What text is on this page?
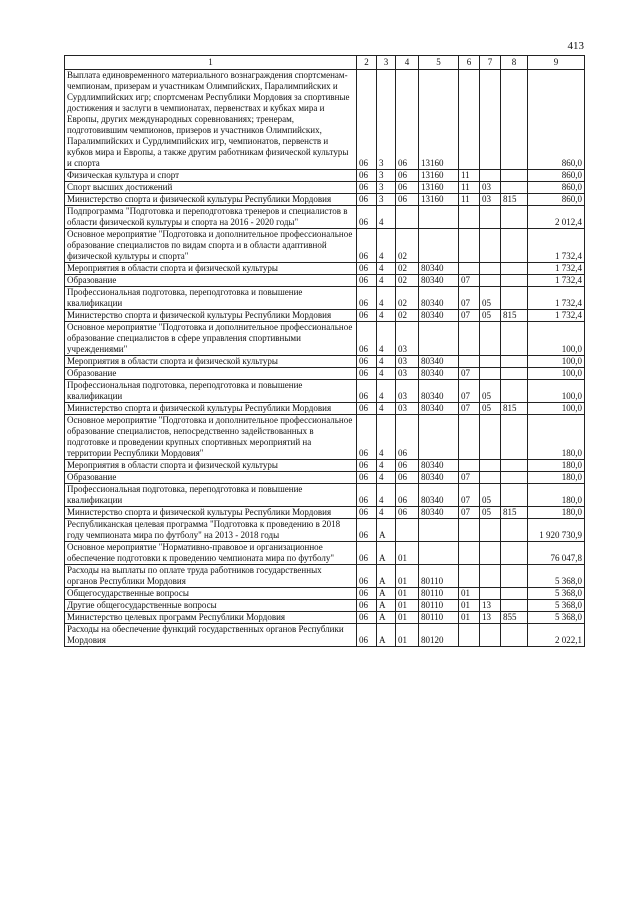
413
1	2	3	4	5	6	7	8	9
Выплата единовременного материального вознаграждения спортсменам-чемпионам, призерам и участникам Олимпийских, Паралимпийских и Сурдлимпийских игр; спортсменам Республики Мордовия за спортивные достижения и заслуги в чемпионатах, первенствах и кубках мира и Европы, других международных соревнованиях; тренерам, подготовившим чемпионов, призеров и участников Олимпийских, Паралимпийских и Сурдлимпийских игр, чемпионатов, первенств и кубков мира и Европы, а также другим работникам физической культуры и спорта	06	3	06	13160				860,0
Физическая культура и спорт	06	3	06	13160	11			860,0
Спорт высших достижений	06	3	06	13160	11	03		860,0
Министерство спорта и физической культуры Республики Мордовия	06	3	06	13160	11	03	815	860,0
Подпрограмма "Подготовка и переподготовка тренеров и специалистов в области физической культуры и спорта на 2016 - 2020 годы"	06	4						2 012,4
Основное мероприятие "Подготовка и дополнительное профессиональное образование специалистов по видам спорта и в области адаптивной физической культуры и спорта"	06	4	02					1 732,4
Мероприятия в области спорта и физической культуры	06	4	02	80340				1 732,4
Образование	06	4	02	80340	07			1 732,4
Профессиональная подготовка, переподготовка и повышение квалификации	06	4	02	80340	07	05		1 732,4
Министерство спорта и физической культуры Республики Мордовия	06	4	02	80340	07	05	815	1 732,4
Основное мероприятие "Подготовка и дополнительное профессиональное образование специалистов в сфере управления спортивными учреждениями"	06	4	03					100,0
Мероприятия в области спорта и физической культуры	06	4	03	80340				100,0
Образование	06	4	03	80340	07			100,0
Профессиональная подготовка, переподготовка и повышение квалификации	06	4	03	80340	07	05		100,0
Министерство спорта и физической культуры Республики Мордовия	06	4	03	80340	07	05	815	100,0
Основное мероприятие "Подготовка и дополнительное профессиональное образование специалистов, непосредственно задействованных в подготовке и проведении крупных спортивных мероприятий на территории Республики Мордовия"	06	4	06					180,0
Мероприятия в области спорта и физической культуры	06	4	06	80340				180,0
Образование	06	4	06	80340	07			180,0
Профессиональная подготовка, переподготовка и повышение квалификации	06	4	06	80340	07	05		180,0
Министерство спорта и физической культуры Республики Мордовия	06	4	06	80340	07	05	815	180,0
Республиканская целевая программа "Подготовка к проведению в 2018 году чемпионата мира по футболу" на 2013 - 2018 годы	06	А						1 920 730,9
Основное мероприятие "Нормативно-правовое и организационное обеспечение подготовки к проведению чемпионата мира по футболу"	06	А	01					76 047,8
Расходы на выплаты по оплате труда работников государственных органов Республики Мордовия	06	А	01	80110				5 368,0
Общегосударственные вопросы	06	А	01	80110	01			5 368,0
Другие общегосударственные вопросы	06	А	01	80110	01	13		5 368,0
Министерство целевых программ Республики Мордовия	06	А	01	80110	01	13	855	5 368,0
Расходы на обеспечение функций государственных органов Республики Мордовия	06	А	01	80120				2 022,1
